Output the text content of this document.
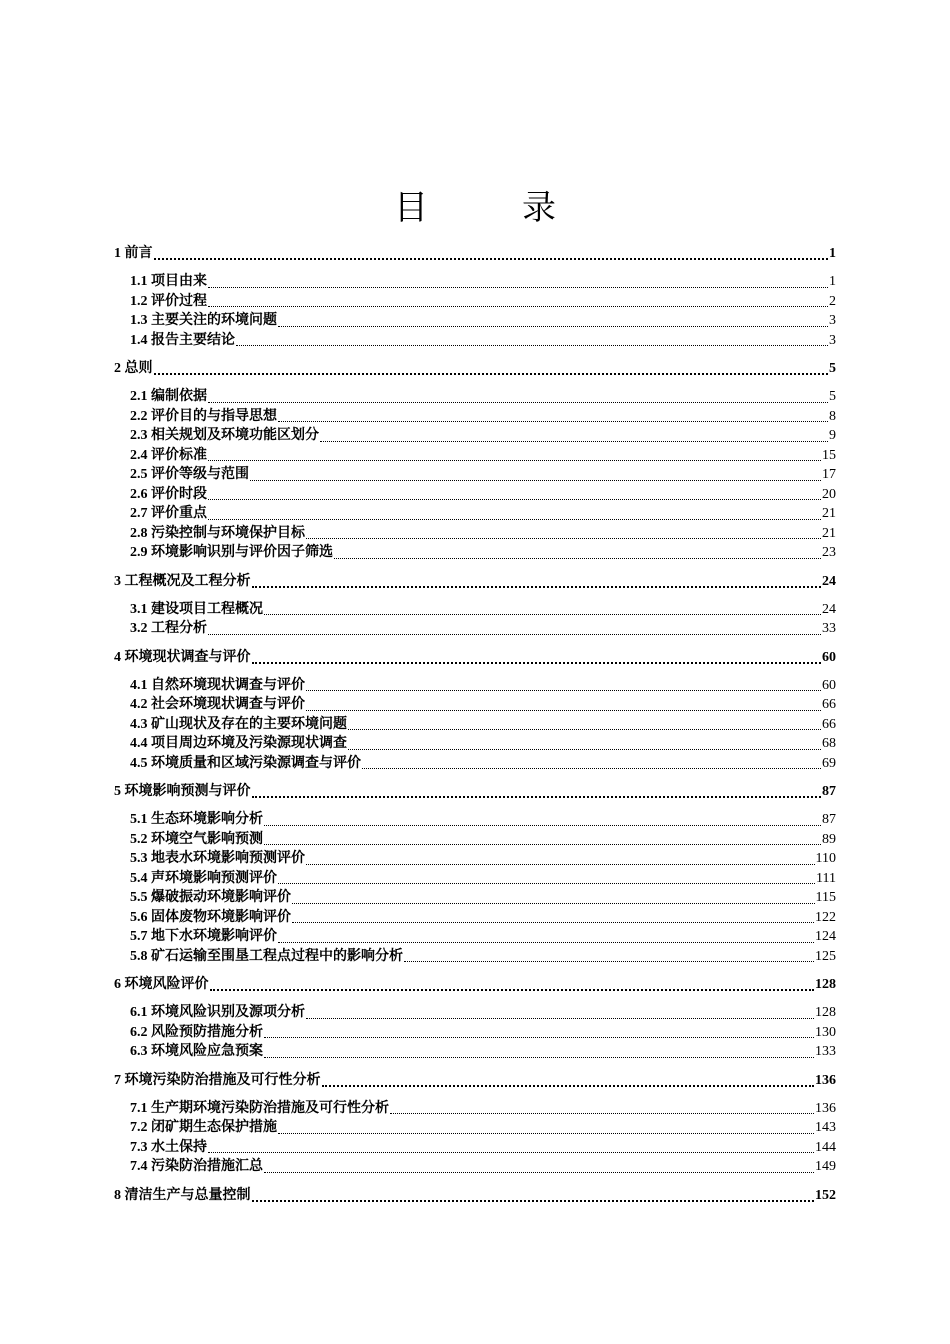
目　录
1 前言	1
1.1 项目由来	1
1.2 评价过程	2
1.3 主要关注的环境问题	3
1.4 报告主要结论	3
2 总则	5
2.1 编制依据	5
2.2 评价目的与指导思想	8
2.3 相关规划及环境功能区划分	9
2.4 评价标准	15
2.5 评价等级与范围	17
2.6 评价时段	20
2.7 评价重点	21
2.8 污染控制与环境保护目标	21
2.9 环境影响识别与评价因子筛选	23
3 工程概况及工程分析	24
3.1 建设项目工程概况	24
3.2 工程分析	33
4 环境现状调查与评价	60
4.1 自然环境现状调查与评价	60
4.2 社会环境现状调查与评价	66
4.3 矿山现状及存在的主要环境问题	66
4.4 项目周边环境及污染源现状调查	68
4.5 环境质量和区域污染源调查与评价	69
5 环境影响预测与评价	87
5.1 生态环境影响分析	87
5.2 环境空气影响预测	89
5.3 地表水环境影响预测评价	110
5.4 声环境影响预测评价	111
5.5 爆破振动环境影响评价	115
5.6 固体废物环境影响评价	122
5.7 地下水环境影响评价	124
5.8 矿石运输至围垦工程点过程中的影响分析	125
6 环境风险评价	128
6.1 环境风险识别及源项分析	128
6.2 风险预防措施分析	130
6.3 环境风险应急预案	133
7 环境污染防治措施及可行性分析	136
7.1 生产期环境污染防治措施及可行性分析	136
7.2 闭矿期生态保护措施	143
7.3 水土保持	144
7.4 污染防治措施汇总	149
8 清洁生产与总量控制	152
